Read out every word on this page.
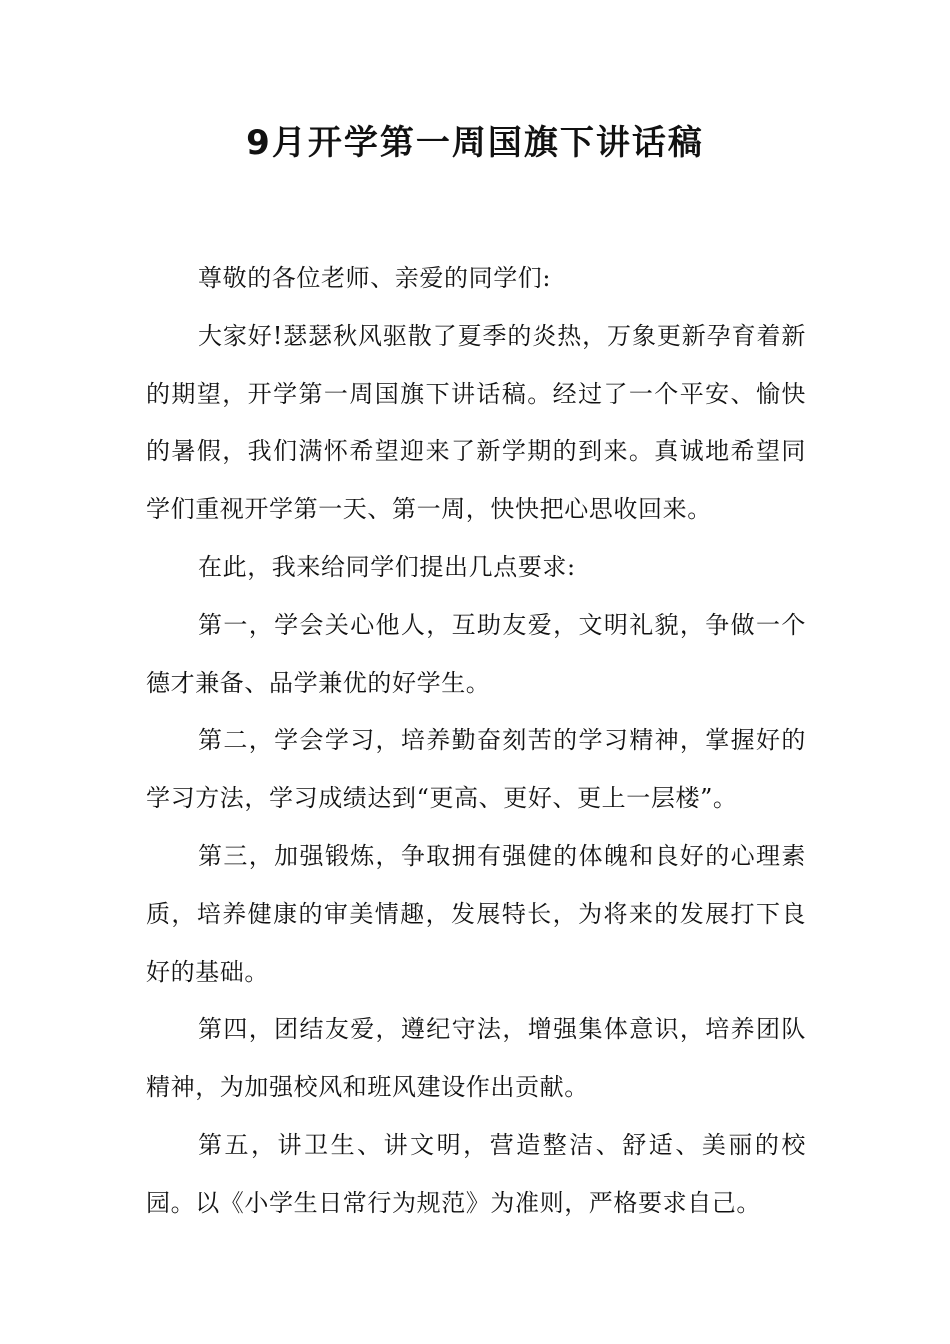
9月开学第一周国旗下讲话稿

尊敬的各位老师、亲爱的同学们:

大家好!瑟瑟秋风驱散了夏季的炎热，万象更新孕育着新的期望，开学第一周国旗下讲话稿。经过了一个平安、愉快的暑假，我们满怀希望迎来了新学期的到来。真诚地希望同学们重视开学第一天、第一周，快快把心思收回来。

在此，我来给同学们提出几点要求:

第一，学会关心他人，互助友爱，文明礼貌，争做一个德才兼备、品学兼优的好学生。

第二，学会学习，培养勤奋刻苦的学习精神，掌握好的学习方法，学习成绩达到“更高、更好、更上一层楼”。

第三，加强锻炼，争取拥有强健的体魄和良好的心理素质，培养健康的审美情趣，发展特长，为将来的发展打下良好的基础。

第四，团结友爱，遵纪守法，增强集体意识，培养团队精神，为加强校风和班风建设作出贡献。

第五，讲卫生、讲文明，营造整洁、舒适、美丽的校园。以《小学生日常行为规范》为准则，严格要求自己。
